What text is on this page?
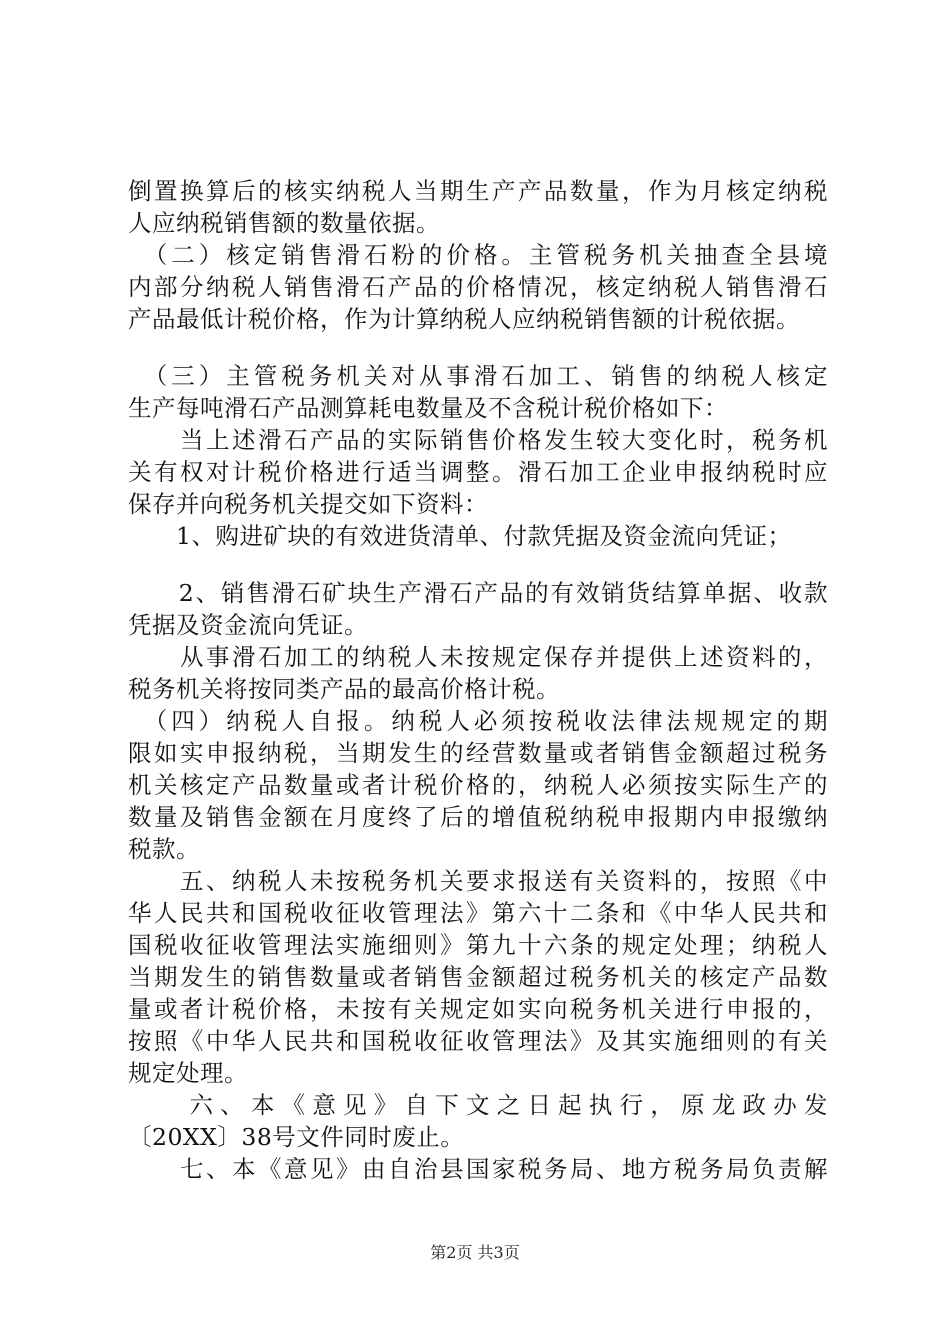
倒置换算后的核实纳税人当期生产产品数量，作为月核定纳税

人应纳税销售额的数量依据。

　（二）核定销售滑石粉的价格。主管税务机关抽查全县境

内部分纳税人销售滑石产品的价格情况，核定纳税人销售滑石

产品最低计税价格，作为计算纳税人应纳税销售额的计税依据。

　（三）主管税务机关对从事滑石加工、销售的纳税人核定

生产每吨滑石产品测算耗电数量及不含税计税价格如下：

　　当上述滑石产品的实际销售价格发生较大变化时，税务机

关有权对计税价格进行适当调整。滑石加工企业申报纳税时应

保存并向税务机关提交如下资料：

　　1、购进矿块的有效进货清单、付款凭据及资金流向凭证；

　　2、销售滑石矿块生产滑石产品的有效销货结算单据、收款

凭据及资金流向凭证。

　　从事滑石加工的纳税人未按规定保存并提供上述资料的，

税务机关将按同类产品的最高价格计税。

　（四）纳税人自报。纳税人必须按税收法律法规规定的期

限如实申报纳税，当期发生的经营数量或者销售金额超过税务

机关核定产品数量或者计税价格的，纳税人必须按实际生产的

数量及销售金额在月度终了后的增值税纳税申报期内申报缴纳

税款。

　　五、纳税人未按税务机关要求报送有关资料的，按照《中

华人民共和国税收征收管理法》第六十二条和《中华人民共和

国税收征收管理法实施细则》第九十六条的规定处理；纳税人

当期发生的销售数量或者销售金额超过税务机关的核定产品数

量或者计税价格，未按有关规定如实向税务机关进行申报的，

按照《中华人民共和国税收征收管理法》及其实施细则的有关

规定处理。

　　六、本《意见》自下文之日起执行，原龙政办发

〔20XX〕38号文件同时废止。

　　七、本《意见》由自治县国家税务局、地方税务局负责解

第2页 共3页
